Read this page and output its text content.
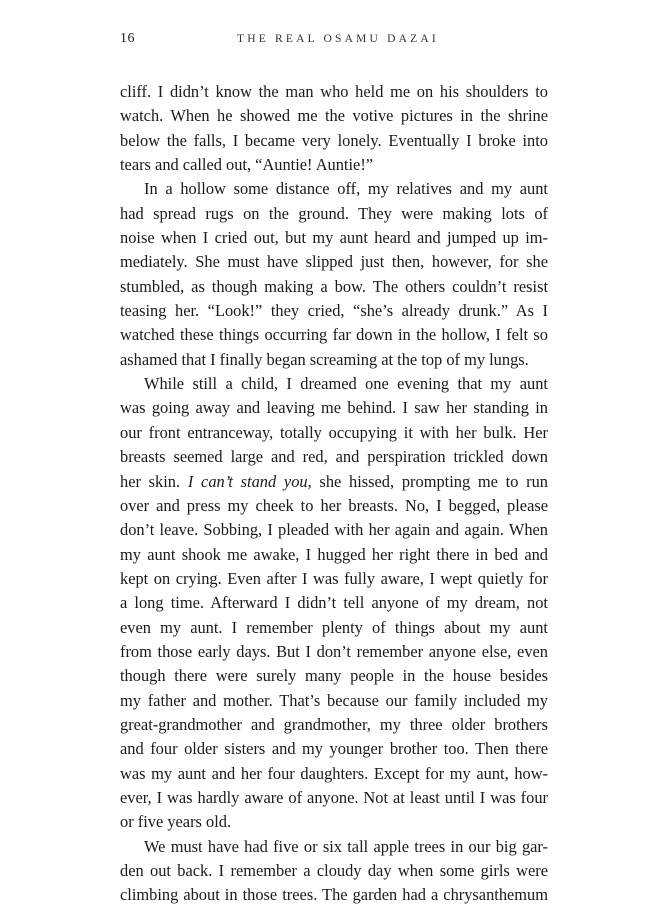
16	THE REAL OSAMU DAZAI
cliff. I didn’t know the man who held me on his shoulders to
watch. When he showed me the votive pictures in the shrine
below the falls, I became very lonely. Eventually I broke into
tears and called out, “Auntie! Auntie!”
In a hollow some distance off, my relatives and my aunt
had spread rugs on the ground. They were making lots of
noise when I cried out, but my aunt heard and jumped up im-
mediately. She must have slipped just then, however, for she
stumbled, as though making a bow. The others couldn’t resist
teasing her. “Look!” they cried, “she’s already drunk.” As I
watched these things occurring far down in the hollow, I felt so
ashamed that I finally began screaming at the top of my lungs.
While still a child, I dreamed one evening that my aunt
was going away and leaving me behind. I saw her standing in
our front entranceway, totally occupying it with her bulk. Her
breasts seemed large and red, and perspiration trickled down
her skin. I can’t stand you, she hissed, prompting me to run
over and press my cheek to her breasts. No, I begged, please
don’t leave. Sobbing, I pleaded with her again and again. When
my aunt shook me awake, I hugged her right there in bed and
kept on crying. Even after I was fully aware, I wept quietly for
a long time. Afterward I didn’t tell anyone of my dream, not
even my aunt. I remember plenty of things about my aunt
from those early days. But I don’t remember anyone else, even
though there were surely many people in the house besides
my father and mother. That’s because our family included my
great-grandmother and grandmother, my three older brothers
and four older sisters and my younger brother too. Then there
was my aunt and her four daughters. Except for my aunt, how-
ever, I was hardly aware of anyone. Not at least until I was four
or five years old.
We must have had five or six tall apple trees in our big gar-
den out back. I remember a cloudy day when some girls were
climbing about in those trees. The garden had a chrysanthemum
